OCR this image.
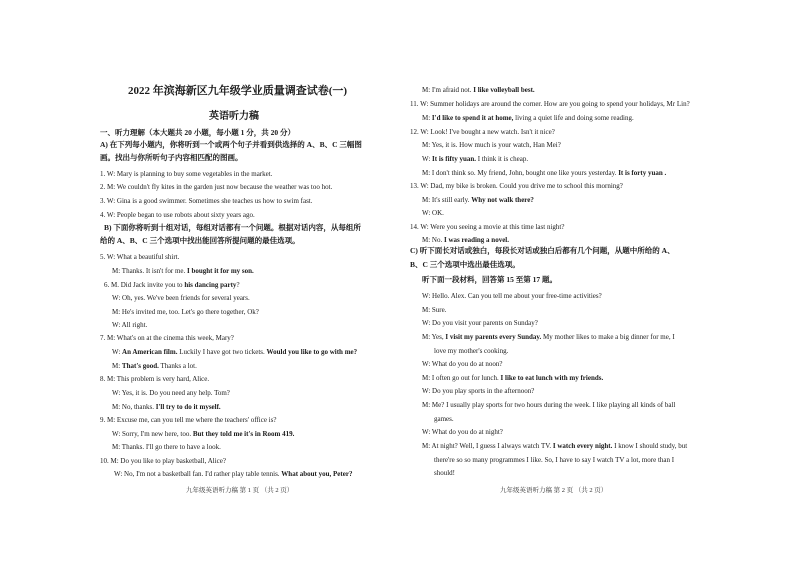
2022 年滨海新区九年级学业质量调查试卷(一)
英语听力稿
一、听力理解（本大题共 20 小题，每小题 1 分，共 20 分）
A) 在下列每小题内，你将听到一个或两个句子并看到供选择的 A、B、C 三幅图
画。找出与你所听句子内容相匹配的图画。
1. W: Mary is planning to buy some vegetables in the market.
2. M: We couldn't fly kites in the garden just now because the weather was too hot.
3. W: Gina is a good swimmer. Sometimes she teaches us how to swim fast.
4. W: People began to use robots about sixty years ago.
B) 下面你将听到十组对话，每组对话都有一个问题。根据对话内容，从每组所
给的 A、B、C 三个选项中找出能回答所提问题的最佳选项。
5. W: What a beautiful shirt.
M: Thanks. It isn't for me. I bought it for my son.
6. M. Did Jack invite you to his dancing party?
W: Oh, yes. We've been friends for several years.
M: He's invited me, too. Let's go there together, Ok?
W: All right.
7. M: What's on at the cinema this week, Mary?
W: An American film. Luckily I have got two tickets. Would you like to go with me?
M: That's good. Thanks a lot.
8. M: This problem is very hard, Alice.
W: Yes, it is. Do you need any help. Tom?
M: No, thanks. I'll try to do it myself.
9. M: Excuse me, can you tell me where the teachers' office is?
W: Sorry, I'm new here, too. But they told me it's in Room 419.
M: Thanks. I'll go there to have a look.
10. M: Do you like to play basketball, Alice?
W: No, I'm not a basketball fan. I'd rather play table tennis. What about you, Peter?
M: I'm afraid not. I like volleyball best.
11. W: Summer holidays are around the corner. How are you going to spend your holidays, Mr Lin?
M: I'd like to spend it at home, living a quiet life and doing some reading.
12. W: Look! I've bought a new watch. Isn't it nice?
M: Yes, it is. How much is your watch, Han Mei?
W: It is fifty yuan. I think it is cheap.
M: I don't think so. My friend, John, bought one like yours yesterday. It is forty yuan .
13. W: Dad, my bike is broken. Could you drive me to school this morning?
M: It's still early. Why not walk there?
W: OK.
14. W: Were you seeing a movie at this time last night?
M: No. I was reading a novel.
C) 听下面长对话或独白，每段长对话或独白后都有几个问题，从题中所给的 A、
B、C 三个选项中选出最佳选项。
听下面一段材料，回答第 15 至第 17 题。
W: Hello. Alex. Can you tell me about your free-time activities?
M: Sure.
W: Do you visit your parents on Sunday?
M: Yes, I visit my parents every Sunday. My mother likes to make a big dinner for me, I
love my mother's cooking.
W: What do you do at noon?
M: I often go out for lunch. I like to eat lunch with my friends.
W: Do you play sports in the afternoon?
M: Me? I usually play sports for two hours during the week. I like playing all kinds of ball
games.
W: What do you do at night?
M: At night? Well, I guess I always watch TV. I watch every night. I know I should study, but
there're so so many programmes I like. So, I have to say I watch TV a lot, more than I
should!
九年级英语听力稿 第 1 页 （共 2 页）	九年级英语听力稿 第 2 页 （共 2 页）
